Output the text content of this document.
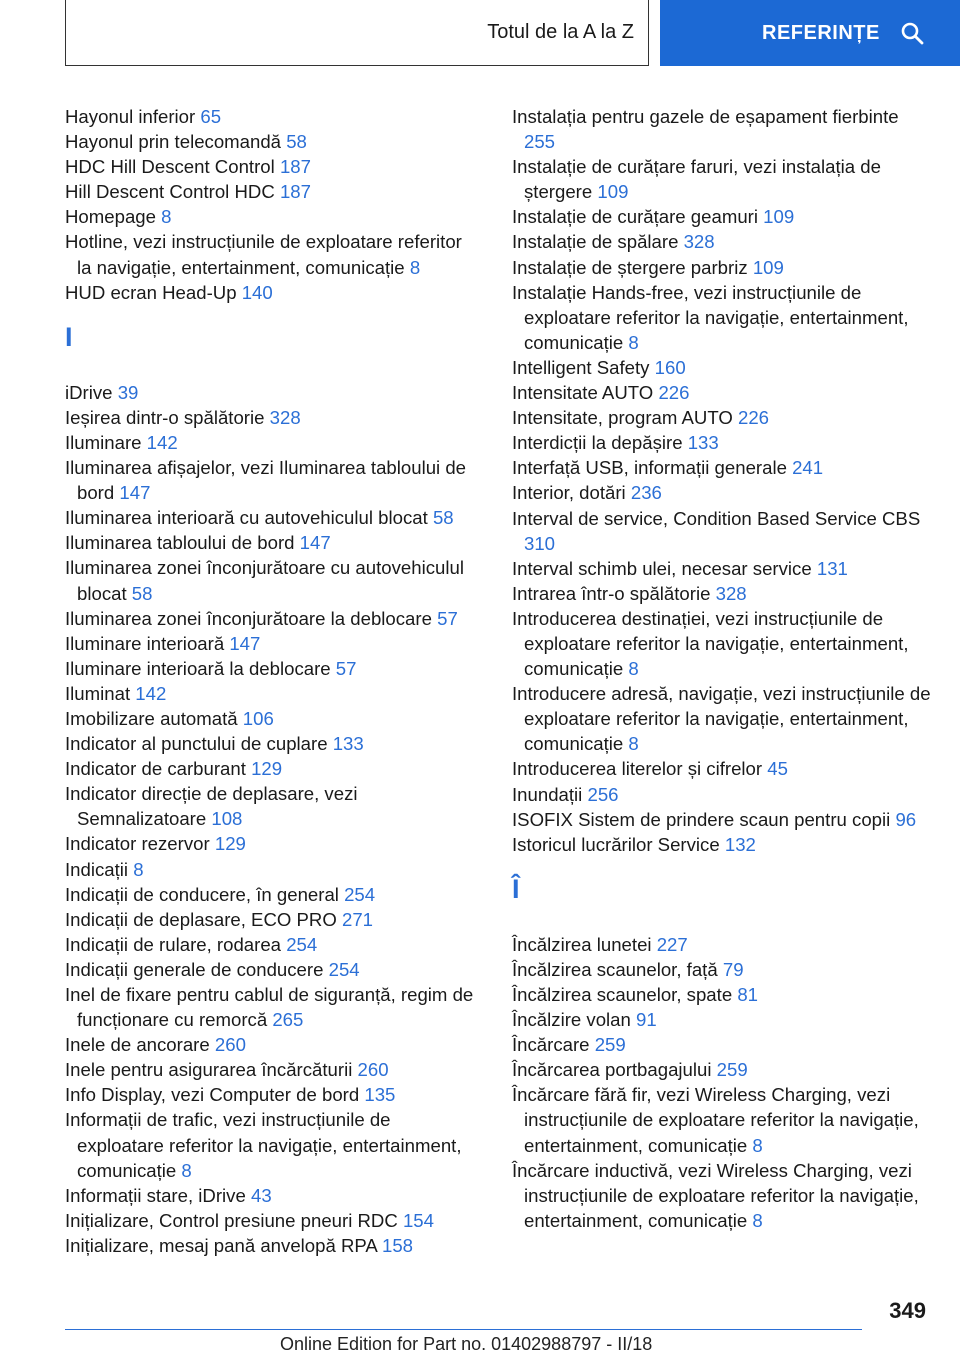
Totul de la A la Z	REFERINȚE
Hayonul inferior 65
Hayonul prin telecomandă 58
HDC Hill Descent Control 187
Hill Descent Control HDC 187
Homepage 8
Hotline, vezi instrucțiunile de exploatare referitor la navigație, entertainment, comunicație 8
HUD ecran Head-Up 140
I
iDrive 39
Ieșirea dintr-o spălătorie 328
Iluminare 142
Iluminarea afișajelor, vezi Iluminarea tabloului de bord 147
Iluminarea interioară cu autovehiculul blocat 58
Iluminarea tabloului de bord 147
Iluminarea zonei înconjurătoare cu autovehiculul blocat 58
Iluminarea zonei înconjurătoare la deblocare 57
Iluminare interioară 147
Iluminare interioară la deblocare 57
Iluminat 142
Imobilizare automată 106
Indicator al punctului de cuplare 133
Indicator de carburant 129
Indicator direcție de deplasare, vezi Semnalizatoare 108
Indicator rezervor 129
Indicații 8
Indicații de conducere, în general 254
Indicații de deplasare, ECO PRO 271
Indicații de rulare, rodarea 254
Indicații generale de conducere 254
Inel de fixare pentru cablul de siguranță, regim de funcționare cu remorcă 265
Inele de ancorare 260
Inele pentru asigurarea încărcăturii 260
Info Display, vezi Computer de bord 135
Informații de trafic, vezi instrucțiunile de exploatare referitor la navigație, entertainment, comunicație 8
Informații stare, iDrive 43
Inițializare, Control presiune pneuri RDC 154
Inițializare, mesaj pană anvelopă RPA 158
Instalația pentru gazele de eșapament fierbinte 255
Instalație de curățare faruri, vezi instalația de ștergere 109
Instalație de curățare geamuri 109
Instalație de spălare 328
Instalație de ștergere parbriz 109
Instalație Hands-free, vezi instrucțiunile de exploatare referitor la navigație, entertainment, comunicație 8
Intelligent Safety 160
Intensitate AUTO 226
Intensitate, program AUTO 226
Interdicții la depășire 133
Interfață USB, informații generale 241
Interior, dotări 236
Interval de service, Condition Based Service CBS 310
Interval schimb ulei, necesar service 131
Intrarea într-o spălătorie 328
Introducerea destinației, vezi instrucțiunile de exploatare referitor la navigație, entertainment, comunicație 8
Introducere adresă, navigație, vezi instrucțiunile de exploatare referitor la navigație, entertainment, comunicație 8
Introducerea literelor și cifrelor 45
Inundații 256
ISOFIX Sistem de prindere scaun pentru copii 96
Istoricul lucrărilor Service 132
Î
Încălzirea lunetei 227
Încălzirea scaunelor, față 79
Încălzirea scaunelor, spate 81
Încălzire volan 91
Încărcare 259
Încărcarea portbagajului 259
Încărcare fără fir, vezi Wireless Charging, vezi instrucțiunile de exploatare referitor la navigație, entertainment, comunicație 8
Încărcare inductivă, vezi Wireless Charging, vezi instrucțiunile de exploatare referitor la navigație, entertainment, comunicație 8
349
Online Edition for Part no. 01402988797 - II/18
